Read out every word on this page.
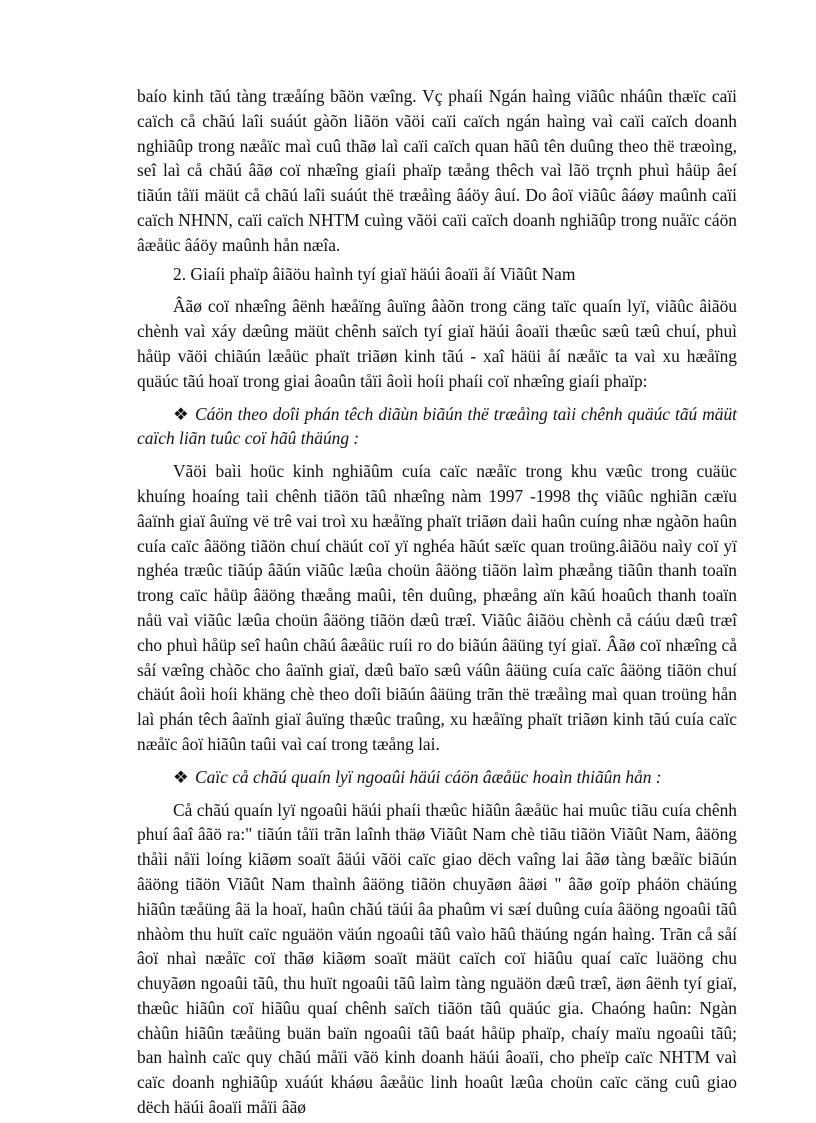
baío kinh tãú tàng træåíng bãön væîng. Vç phaíi Ngán haìng viãûc nháûn thæïc caïi caïch cå chãú laîi suáút gàõn liãön vãöi caïi caïch ngán haìng vaì caïi caïch doanh nghiãûp trong næåïc maì cuû thãø laì caïi caïch quan hãû tên duûng theo thë træoìng, seî laì cå chãú âãø coï nhæîng giaíi phaïp tæång thêch vaì lãö trçnh phuì håüp âeí tiãún tåïi mäüt cå chãú laîi suáút thë træåìng âáöy âuí. Do âoï viãûc âáøy maûnh caïi caïch NHNN, caïi caïch NHTM cuìng vãöi caïi caïch doanh nghiãûp trong nuåïc cáön âæåüc âáöy maûnh hån næîa.

2. Giaíi phaïp âiãöu haình tyí giaï häúi âoaïi åí Viãût Nam

Âãø coï nhæîng âënh hæåïng âuïng âàõn trong cäng taïc quaín lyï, viãûc âiãöu chènh vaì xáy dæûng mäüt chênh saïch tyí giaï häúi âoaïi thæûc sæû tæû chuí, phuì håüp vãöi chiãún læåüc phaït triãøn kinh tãú - xaî häüi åí næåïc ta vaì xu hæåïng quäúc tãú hoaï trong giai âoaûn tåïi âoìi hoíi phaíi coï nhæîng giaíi phaïp:

❖ Cáön theo doîi phán têch diãùn biãún thë træåìng taìi chênh quäúc tãú mäüt caïch liãn tuûc coï hãû thäúng :

Vãöi baìi hoüc kinh nghiãûm cuía caïc næåïc trong khu væûc trong cuäüc khuíng hoaíng taìi chênh tiãön tãû nhæîng nàm 1997 -1998 thç viãûc nghiãn cæïu âaïnh giaï âuïng vë trê vai troì xu hæåïng phaït triãøn daìi haûn cuíng nhæ ngàõn haûn cuía caïc âäöng tiãön chuí chäút coï yï nghéa hãút sæïc quan troüng.âiãöu naìy coï yï nghéa træûc tiãúp âãún viãûc læûa choün âäöng tiãön laìm phæång tiãûn thanh toaïn trong caïc håüp âäöng thæång maûi, tên duûng, phæång aïn kãú hoaûch thanh toaïn nåü vaì viãûc læûa choün âäöng tiãön dæû træî. Viãûc âiãöu chènh cå cáúu dæû træî cho phuì håüp seî haûn chãú âæåüc ruíi ro do biãún âäüng tyí giaï. Âãø coï nhæîng cå såí væîng chàõc cho âaïnh giaï, dæû baïo sæû váûn âäüng cuía caïc âäöng tiãön chuí chäút âoìi hoíi khäng chè theo doîi biãún âäüng trãn thë træåìng maì quan troüng hån laì phán têch âaïnh giaï âuïng thæûc traûng, xu hæåïng phaït triãøn kinh tãú cuía caïc næåïc âoï hiãûn taûi vaì caí trong tæång lai.

❖ Caïc cå chãú quaín lyï ngoaûi häúi cáön âæåüc hoaìn thiãûn hån :

Cå chãú quaín lyï ngoaûi häúi phaíi thæûc hiãûn âæåüc hai muûc tiãu cuía chênh phuí âaî âãö ra:" tiãún tåïi trãn laînh thäø Viãût Nam chè tiãu tiãön Viãût Nam, âäöng thåìi nåïi loíng kiãøm soaït âäúi vãöi caïc giao dëch vaîng lai âãø tàng bæåïc biãún âäöng tiãön Viãût Nam thaình âäöng tiãön chuyãøn âäøi " âãø goïp pháön chäúng hiãûn tæåüng âä la hoaï, haûn chãú täúi âa phaûm vi sæí duûng cuía âäöng ngoaûi tãû nhàòm thu huït caïc nguäön väún ngoaûi tãû vaìo hãû thäúng ngán haìng. Trãn cå såí âoï nhaì næåïc coï thãø kiãøm soaït mäüt caïch coï hiãûu quaí caïc luäöng chu chuyãøn ngoaûi tãû, thu huït ngoaûi tãû laìm tàng nguäön dæû træî, äøn âënh tyí giaï, thæûc hiãûn coï hiãûu quaí chênh saïch tiãön tãû quäúc gia. Chaóng haûn: Ngàn chàûn hiãûn tæåüng buän baïn ngoaûi tãû baát håüp phaïp, chaíy maïu ngoaûi tãû; ban haình caïc quy chãú måïi vãö kinh doanh häúi âoaïi, cho pheïp caïc NHTM vaì caïc doanh nghiãûp xuáút kháøu âæåüc linh hoaût læûa choün caïc cäng cuû giao dëch häúi âoaïi måïi âãø
